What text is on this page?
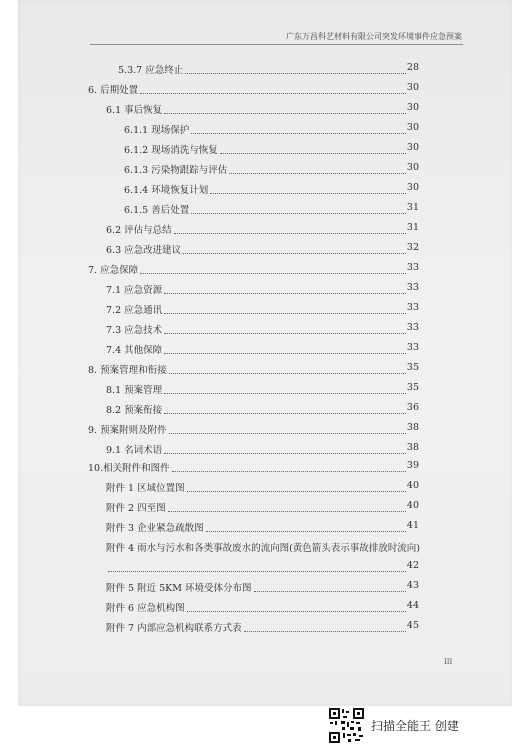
广东万昌科艺材料有限公司突发环境事件应急预案
5.3.7 应急终止	28
6. 后期处置	30
6.1 事后恢复	30
6.1.1 现场保护	30
6.1.2 现场消洗与恢复	30
6.1.3 污染物跟踪与评估	30
6.1.4 环境恢复计划	30
6.1.5 善后处置	31
6.2 评估与总结	31
6.3 应急改进建议	32
7. 应急保障	33
7.1 应急资源	33
7.2 应急通讯	33
7.3 应急技术	33
7.4 其他保障	33
8. 预案管理和衔接	35
8.1 预案管理	35
8.2 预案衔接	36
9. 预案附则及附件	38
9.1 名词术语	38
10.相关附件和图件	39
附件 1 区域位置图	40
附件 2 四至图	40
附件 3 企业紧急疏散图	41
附件 4 雨水与污水和各类事故废水的流向图(黄色箭头表示事故排放时流向)
42
附件 5 附近 5KM 环境受体分布图	43
附件 6 应急机构图	44
附件 7 内部应急机构联系方式表	45
III
扫描全能王 创建
